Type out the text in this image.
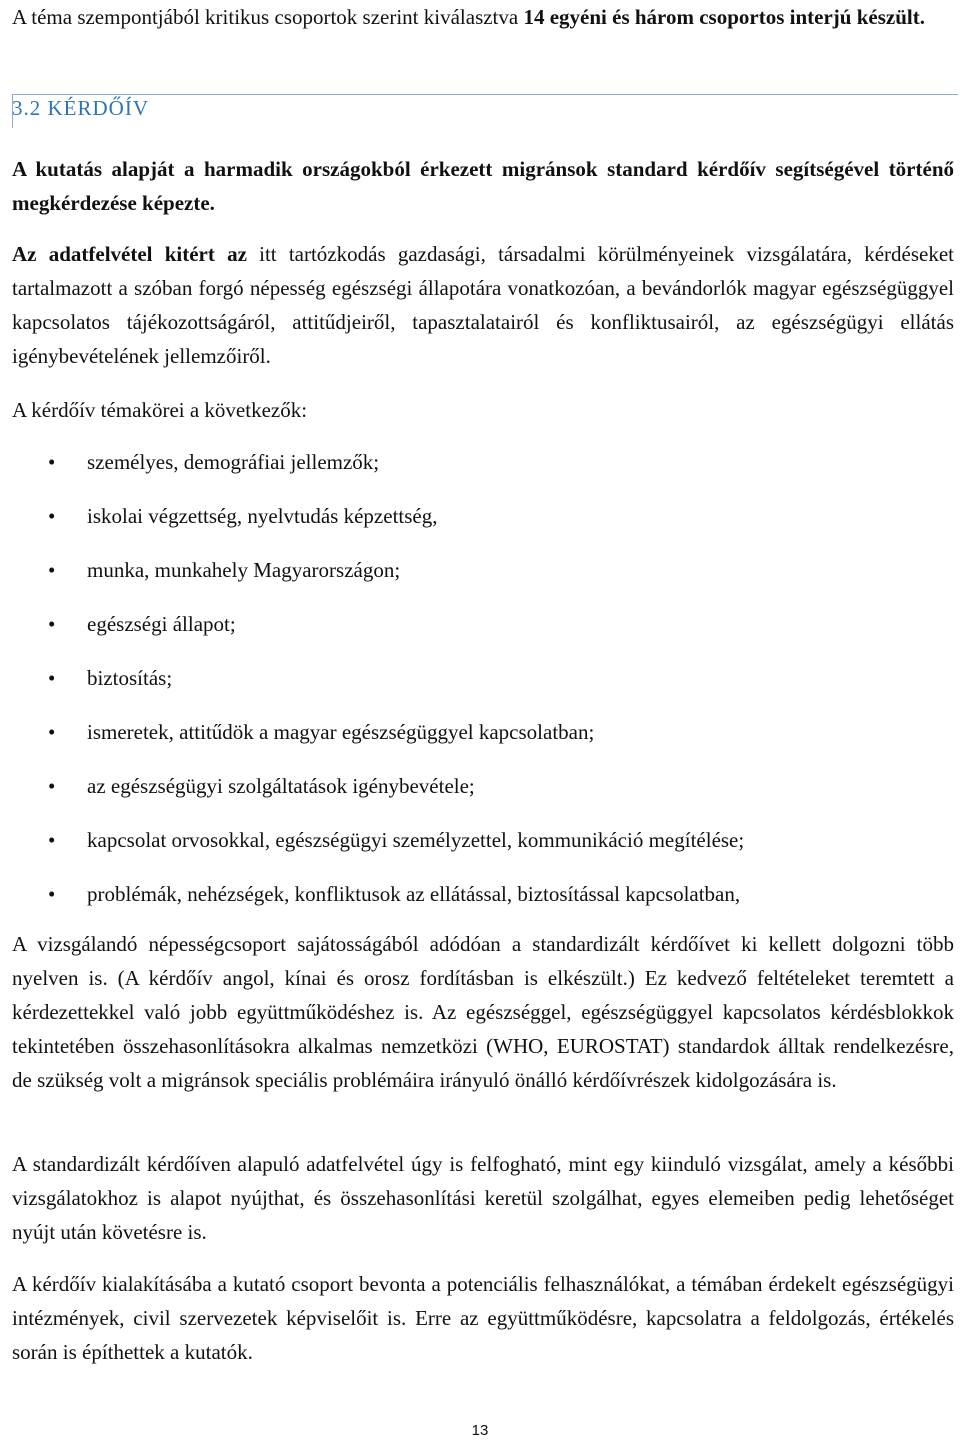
A téma szempontjából kritikus csoportok szerint kiválasztva 14 egyéni és három csoportos interjú készült.

3.2 KÉRDŐÍV

A kutatás alapját a harmadik országokból érkezett migránsok standard kérdőív segítségével történő megkérdezése képezte.

Az adatfelvétel kitért az itt tartózkodás gazdasági, társadalmi körülményeinek vizsgálatára, kérdéseket tartalmazott a szóban forgó népesség egészségi állapotára vonatkozóan, a bevándorlók magyar egészségüggyel kapcsolatos tájékozottságáról, attitűdjeiről, tapasztalatairól és konfliktusairól, az egészségügyi ellátás igénybevételének jellemzőiről.

A kérdőív témakörei a következők:

• személyes, demográfiai jellemzők;
• iskolai végzettség, nyelvtudás képzettség,
• munka, munkahely Magyarországon;
• egészségi állapot;
• biztosítás;
• ismeretek, attitűdök a magyar egészségüggyel kapcsolatban;
• az egészségügyi szolgáltatások igénybevétele;
• kapcsolat orvosokkal, egészségügyi személyzettel, kommunikáció megítélése;
• problémák, nehézségek, konfliktusok az ellátással, biztosítással kapcsolatban,

A vizsgálandó népességcsoport sajátosságából adódóan a standardizált kérdőívet ki kellett dolgozni több nyelven is. (A kérdőív angol, kínai és orosz fordításban is elkészült.) Ez kedvező feltételeket teremtett a kérdezettekkel való jobb együttműködéshez is. Az egészséggel, egészségüggyel kapcsolatos kérdésblokkok tekintetében összehasonlításokra alkalmas nemzetközi (WHO, EUROSTAT) standardok álltak rendelkezésre, de szükség volt a migránsok speciális problémáira irányuló önálló kérdőívrészek kidolgozására is.

A standardizált kérdőíven alapuló adatfelvétel úgy is felfogható, mint egy kiinduló vizsgálat, amely a későbbi vizsgálatokhoz is alapot nyújthat, és összehasonlítási keretül szolgálhat, egyes elemeiben pedig lehetőséget nyújt után követésre is.

A kérdőív kialakításába a kutató csoport bevonta a potenciális felhasználókat, a témában érdekelt egészségügyi intézmények, civil szervezetek képviselőit is. Erre az együttműködésre, kapcsolatra a feldolgozás, értékelés során is építhettek a kutatók.

13
